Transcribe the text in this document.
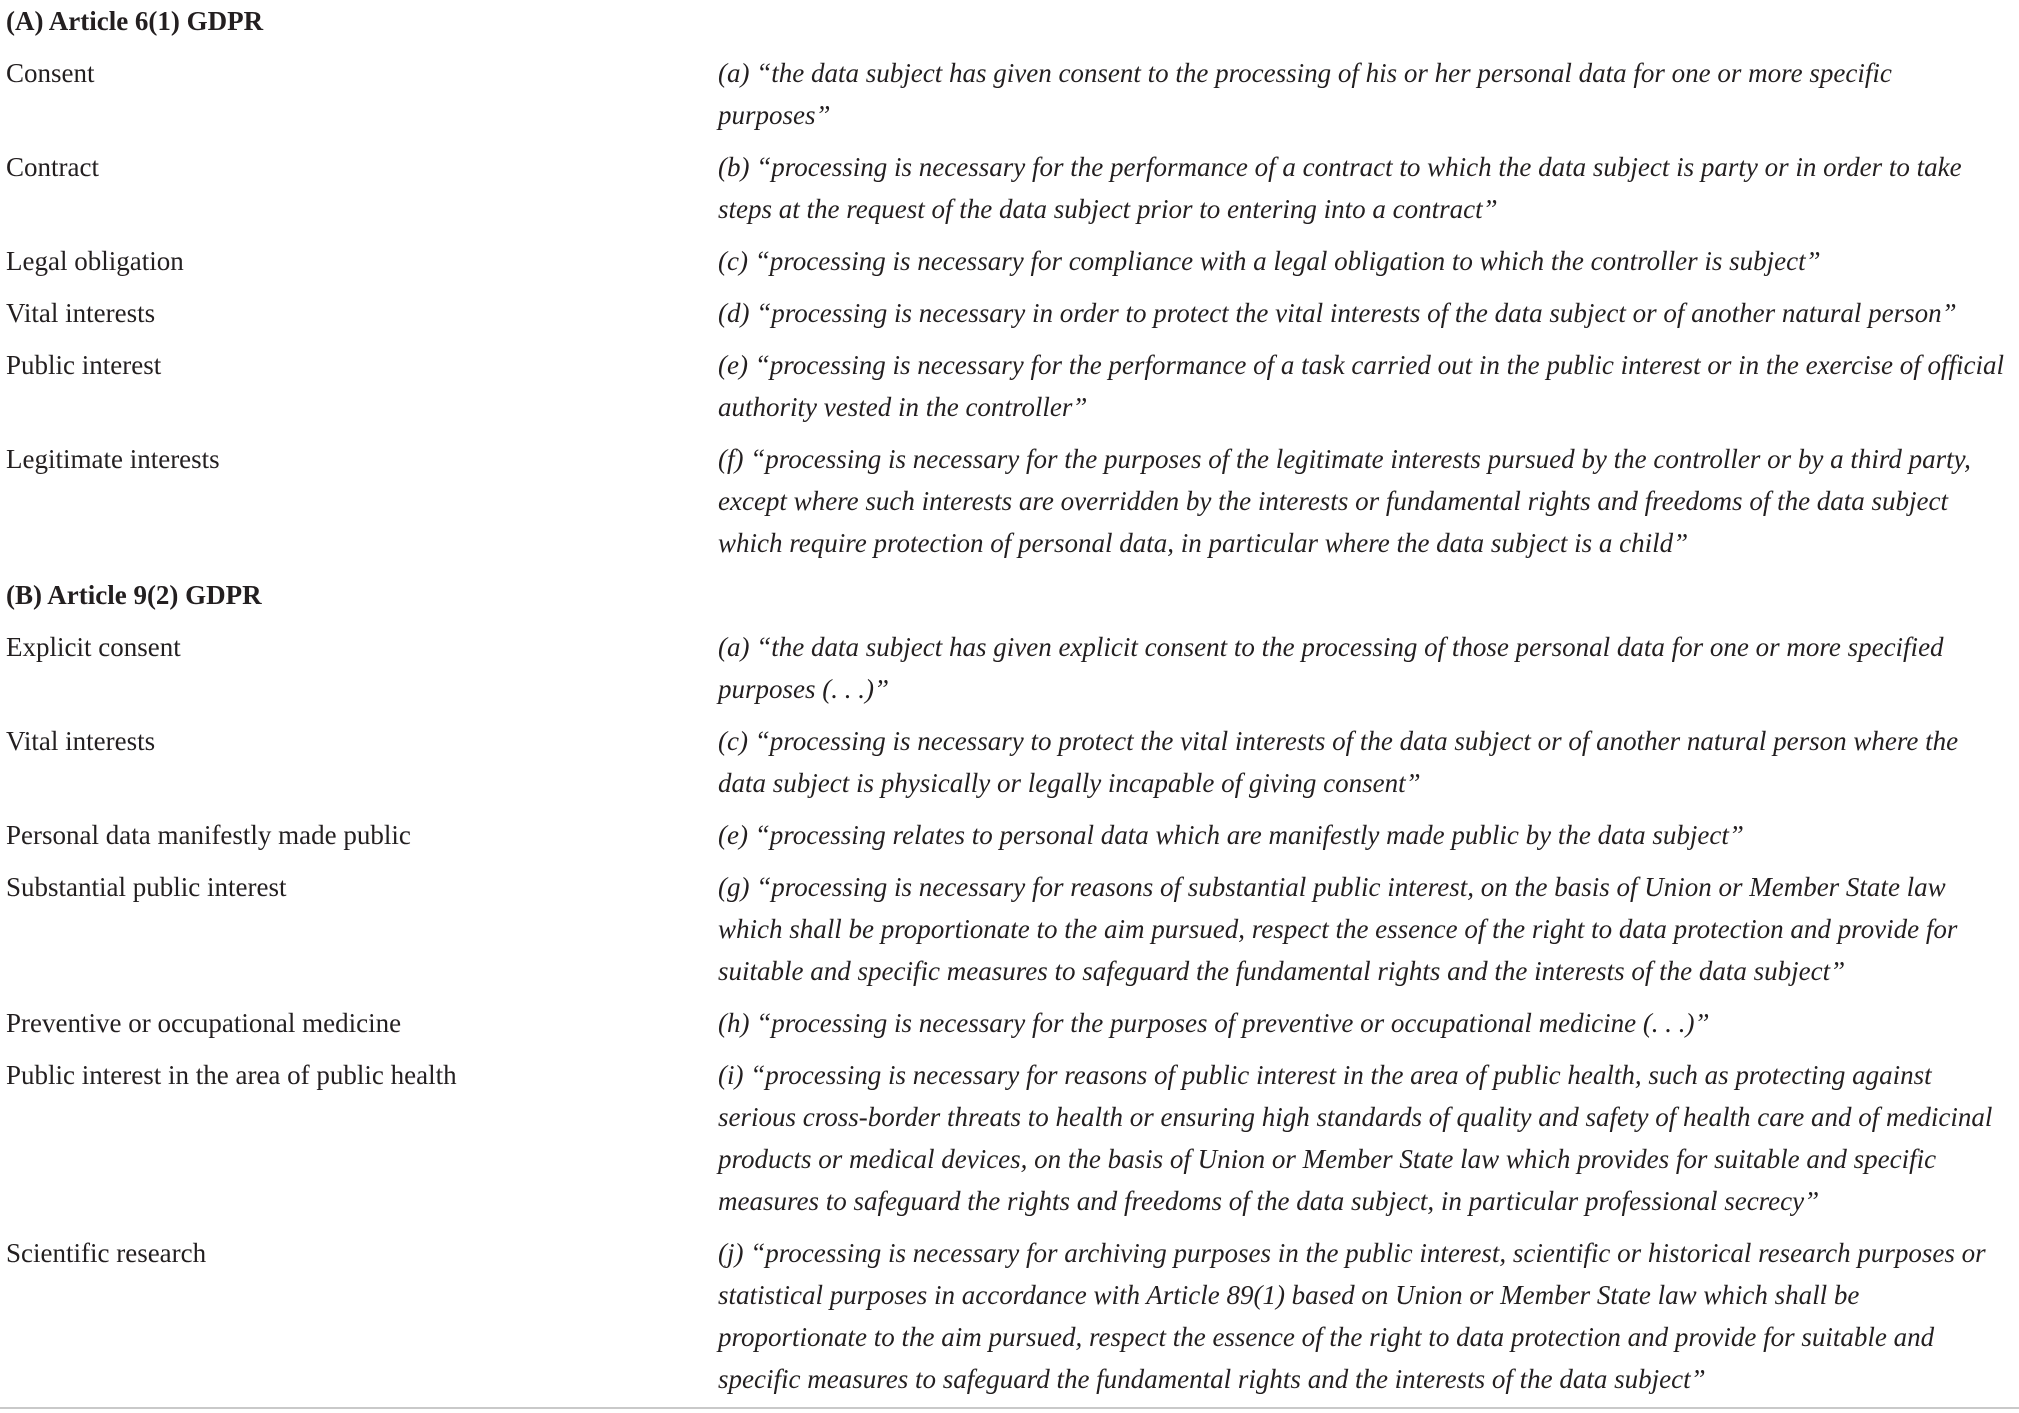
(A) Article 6(1) GDPR	
Consent	(a) “the data subject has given consent to the processing of his or her personal data for one or more specific purposes”
Contract	(b) “processing is necessary for the performance of a contract to which the data subject is party or in order to take steps at the request of the data subject prior to entering into a contract”
Legal obligation	(c) “processing is necessary for compliance with a legal obligation to which the controller is subject”
Vital interests	(d) “processing is necessary in order to protect the vital interests of the data subject or of another natural person”
Public interest	(e) “processing is necessary for the performance of a task carried out in the public interest or in the exercise of official authority vested in the controller”
Legitimate interests	(f) “processing is necessary for the purposes of the legitimate interests pursued by the controller or by a third party, except where such interests are overridden by the interests or fundamental rights and freedoms of the data subject which require protection of personal data, in particular where the data subject is a child”
(B) Article 9(2) GDPR	
Explicit consent	(a) “the data subject has given explicit consent to the processing of those personal data for one or more specified purposes (. . .)”
Vital interests	(c) “processing is necessary to protect the vital interests of the data subject or of another natural person where the data subject is physically or legally incapable of giving consent”
Personal data manifestly made public	(e) “processing relates to personal data which are manifestly made public by the data subject”
Substantial public interest	(g) “processing is necessary for reasons of substantial public interest, on the basis of Union or Member State law which shall be proportionate to the aim pursued, respect the essence of the right to data protection and provide for suitable and specific measures to safeguard the fundamental rights and the interests of the data subject”
Preventive or occupational medicine	(h) “processing is necessary for the purposes of preventive or occupational medicine (. . .)”
Public interest in the area of public health	(i) “processing is necessary for reasons of public interest in the area of public health, such as protecting against serious cross-border threats to health or ensuring high standards of quality and safety of health care and of medicinal products or medical devices, on the basis of Union or Member State law which provides for suitable and specific measures to safeguard the rights and freedoms of the data subject, in particular professional secrecy”
Scientific research	(j) “processing is necessary for archiving purposes in the public interest, scientific or historical research purposes or statistical purposes in accordance with Article 89(1) based on Union or Member State law which shall be proportionate to the aim pursued, respect the essence of the right to data protection and provide for suitable and specific measures to safeguard the fundamental rights and the interests of the data subject”
